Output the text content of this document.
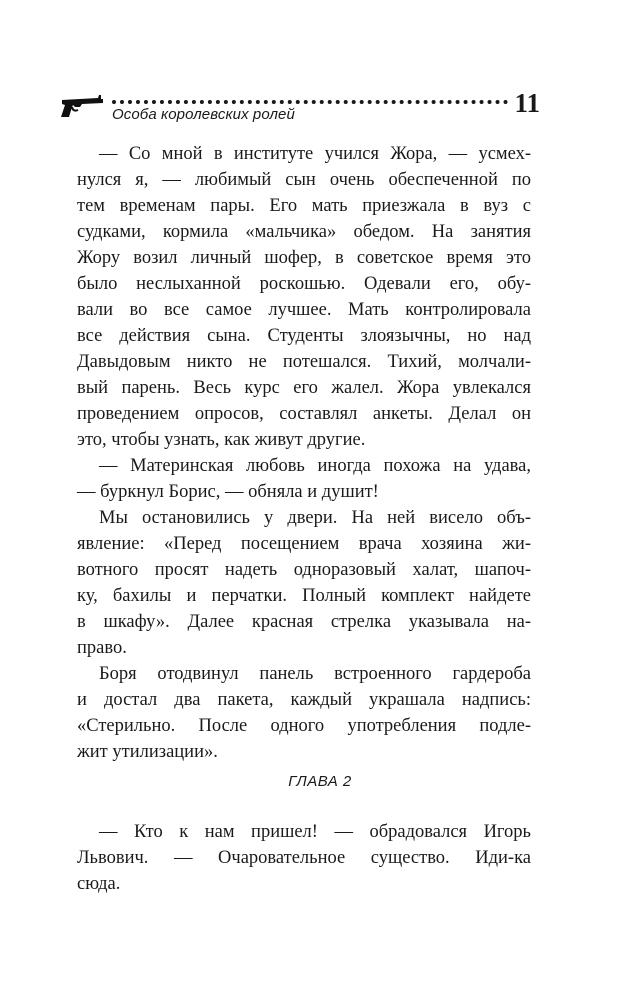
Особа королевских ролей	11
— Со мной в институте учился Жора, — усмех-
нулся я, — любимый сын очень обеспеченной по
тем временам пары. Его мать приезжала в вуз с
судками, кормила «мальчика» обедом. На занятия
Жору возил личный шофер, в советское время это
было неслыханной роскошью. Одевали его, обу-
вали во все самое лучшее. Мать контролировала
все действия сына. Студенты злоязычны, но над
Давыдовым никто не потешался. Тихий, молчали-
вый парень. Весь курс его жалел. Жора увлекался
проведением опросов, составлял анкеты. Делал он
это, чтобы узнать, как живут другие.
— Материнская любовь иногда похожа на удава,
— буркнул Борис, — обняла и душит!
Мы остановились у двери. На ней висело объ-
явление: «Перед посещением врача хозяина жи-
вотного просят надеть одноразовый халат, шапоч-
ку, бахилы и перчатки. Полный комплект найдете
в шкафу». Далее красная стрелка указывала на-
право.
Боря отодвинул панель встроенного гардероба
и достал два пакета, каждый украшала надпись:
«Стерильно. После одного употребления подле-
жит утилизации».
ГЛАВА 2
— Кто к нам пришел! — обрадовался Игорь
Львович. — Очаровательное существо. Иди-ка
сюда.
